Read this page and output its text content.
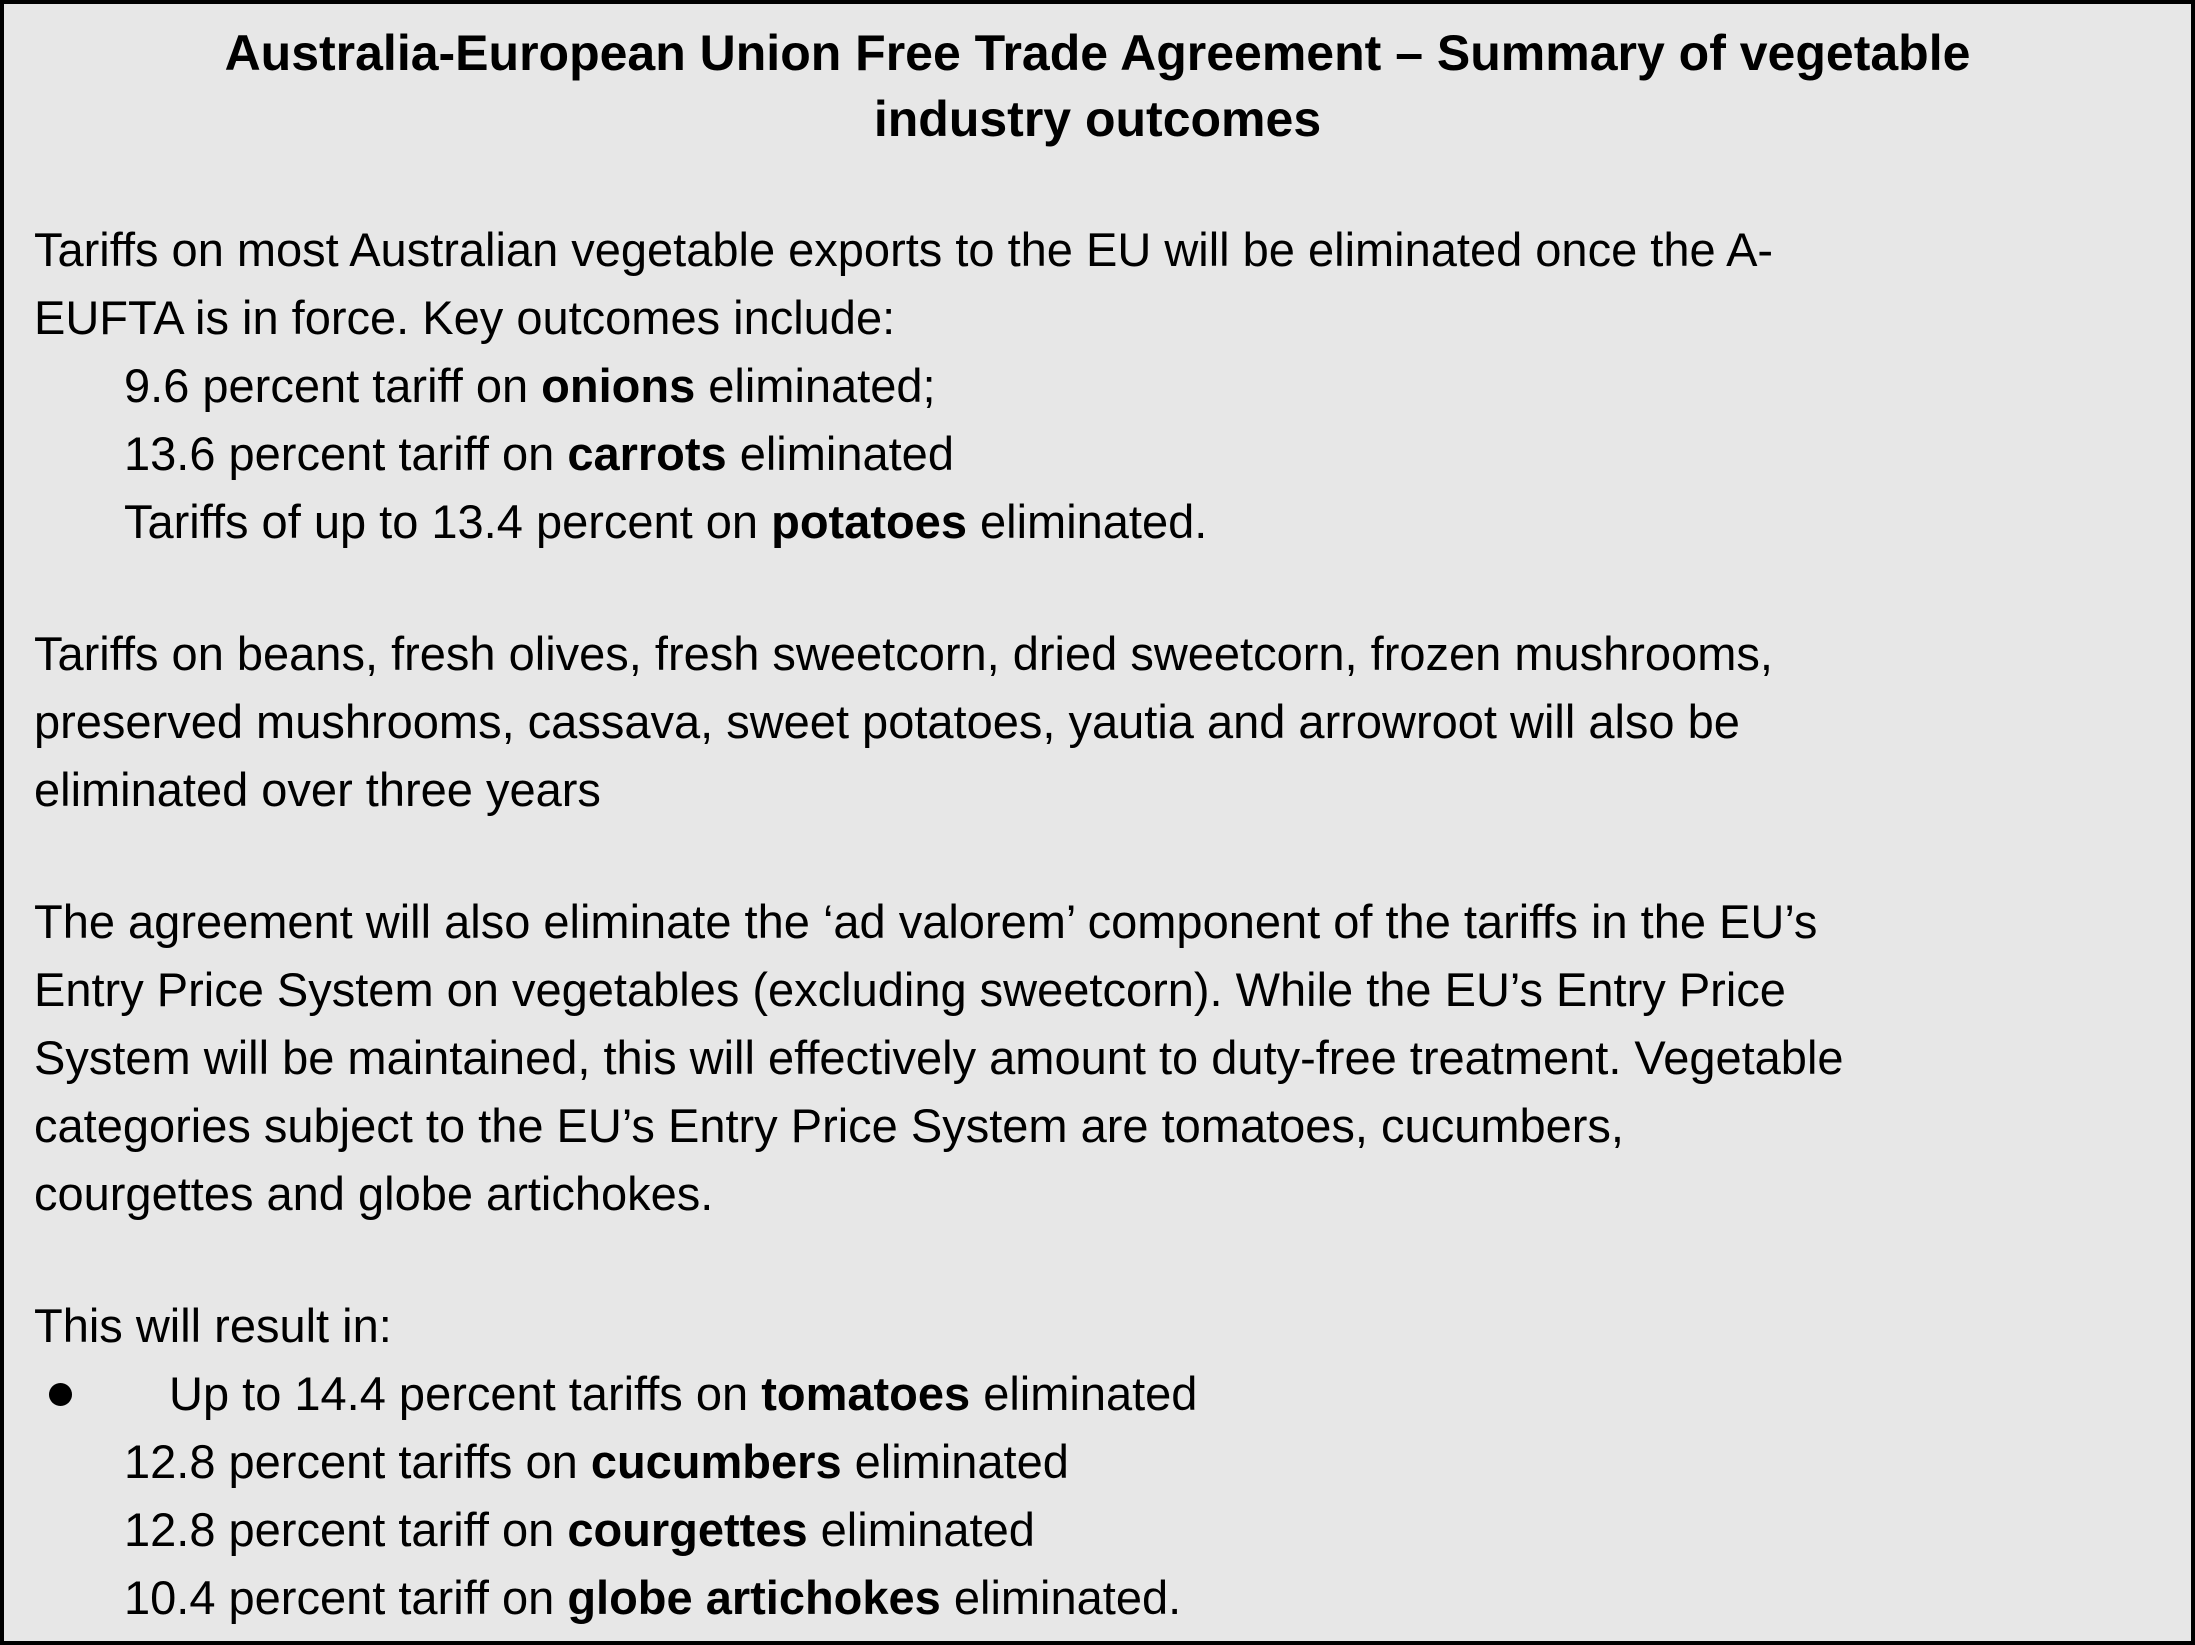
Australia-European Union Free Trade Agreement – Summary of vegetable
industry outcomes
Tariffs on most Australian vegetable exports to the EU will be eliminated once the A-
EUFTA is in force. Key outcomes include:
9.6 percent tariff on onions eliminated;
13.6 percent tariff on carrots eliminated
Tariffs of up to 13.4 percent on potatoes eliminated.
Tariffs on beans, fresh olives, fresh sweetcorn, dried sweetcorn, frozen mushrooms,
preserved mushrooms, cassava, sweet potatoes, yautia and arrowroot will also be
eliminated over three years
The agreement will also eliminate the ‘ad valorem’ component of the tariffs in the EU’s
Entry Price System on vegetables (excluding sweetcorn). While the EU’s Entry Price
System will be maintained, this will effectively amount to duty-free treatment. Vegetable
categories subject to the EU’s Entry Price System are tomatoes, cucumbers,
courgettes and globe artichokes.
This will result in:
Up to 14.4 percent tariffs on tomatoes eliminated
12.8 percent tariffs on cucumbers eliminated
12.8 percent tariff on courgettes eliminated
10.4 percent tariff on globe artichokes eliminated.
